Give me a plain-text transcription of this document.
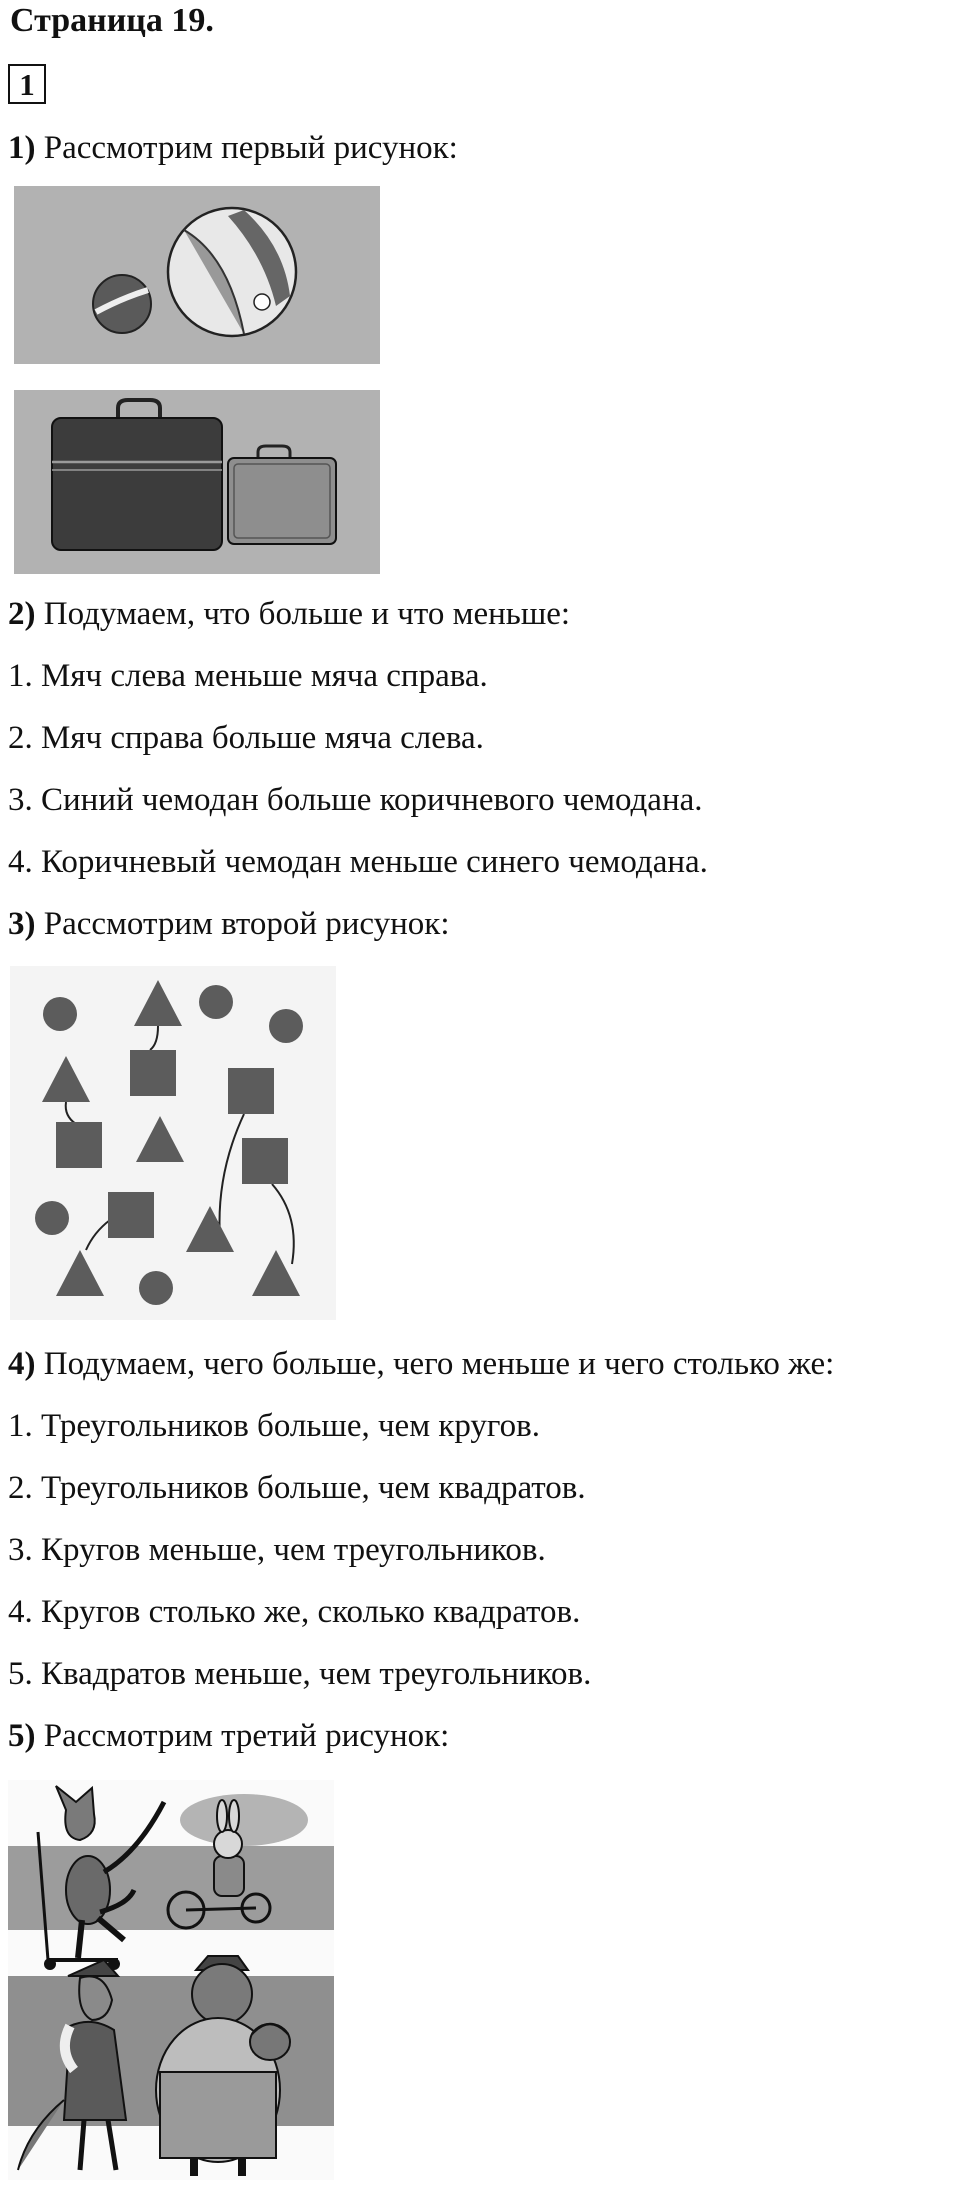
Страница 19.
1

1) Рассмотрим первый рисунок:

2) Подумаем, что больше и что меньше:

1. Мяч слева меньше мяча справа.

2. Мяч справа больше мяча слева.

3. Синий чемодан больше коричневого чемодана.

4. Коричневый чемодан меньше синего чемодана.

3) Рассмотрим второй рисунок:

4) Подумаем, чего больше, чего меньше и чего столько же:

1. Треугольников больше, чем кругов.

2. Треугольников больше, чем квадратов.

3. Кругов меньше, чем треугольников.

4. Кругов столько же, сколько квадратов.

5. Квадратов меньше, чем треугольников.

5) Рассмотрим третий рисунок:
